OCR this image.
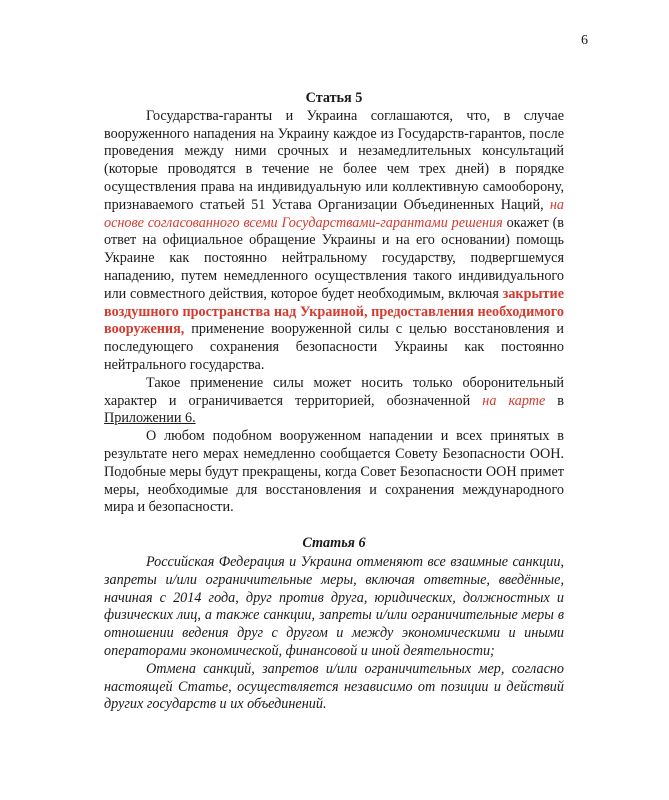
6
Статья 5

Государства-гаранты и Украина соглашаются, что, в случае вооруженного нападения на Украину каждое из Государств-гарантов, после проведения между ними срочных и незамедлительных консультаций (которые проводятся в течение не более чем трех дней) в порядке осуществления права на индивидуальную или коллективную самооборону, признаваемого статьей 51 Устава Организации Объединенных Наций, на основе согласованного всеми Государствами-гарантами решения окажет (в ответ на официальное обращение Украины и на его основании) помощь Украине как постоянно нейтральному государству, подвергшемуся нападению, путем немедленного осуществления такого индивидуального или совместного действия, которое будет необходимым, включая закрытие воздушного пространства над Украиной, предоставления необходимого вооружения, применение вооруженной силы с целью восстановления и последующего сохранения безопасности Украины как постоянно нейтрального государства.

Такое применение силы может носить только оборонительный характер и ограничивается территорией, обозначенной на карте в Приложении 6.

О любом подобном вооруженном нападении и всех принятых в результате него мерах немедленно сообщается Совету Безопасности ООН. Подобные меры будут прекращены, когда Совет Безопасности ООН примет меры, необходимые для восстановления и сохранения международного мира и безопасности.

Статья 6

Российская Федерация и Украина отменяют все взаимные санкции, запреты и/или ограничительные меры, включая ответные, введённые, начиная с 2014 года, друг против друга, юридических, должностных и физических лиц, а также санкции, запреты и/или ограничительные меры в отношении ведения друг с другом и между экономическими и иными операторами экономической, финансовой и иной деятельности;

Отмена санкций, запретов и/или ограничительных мер, согласно настоящей Статье, осуществляется независимо от позиции и действий других государств и их объединений.
